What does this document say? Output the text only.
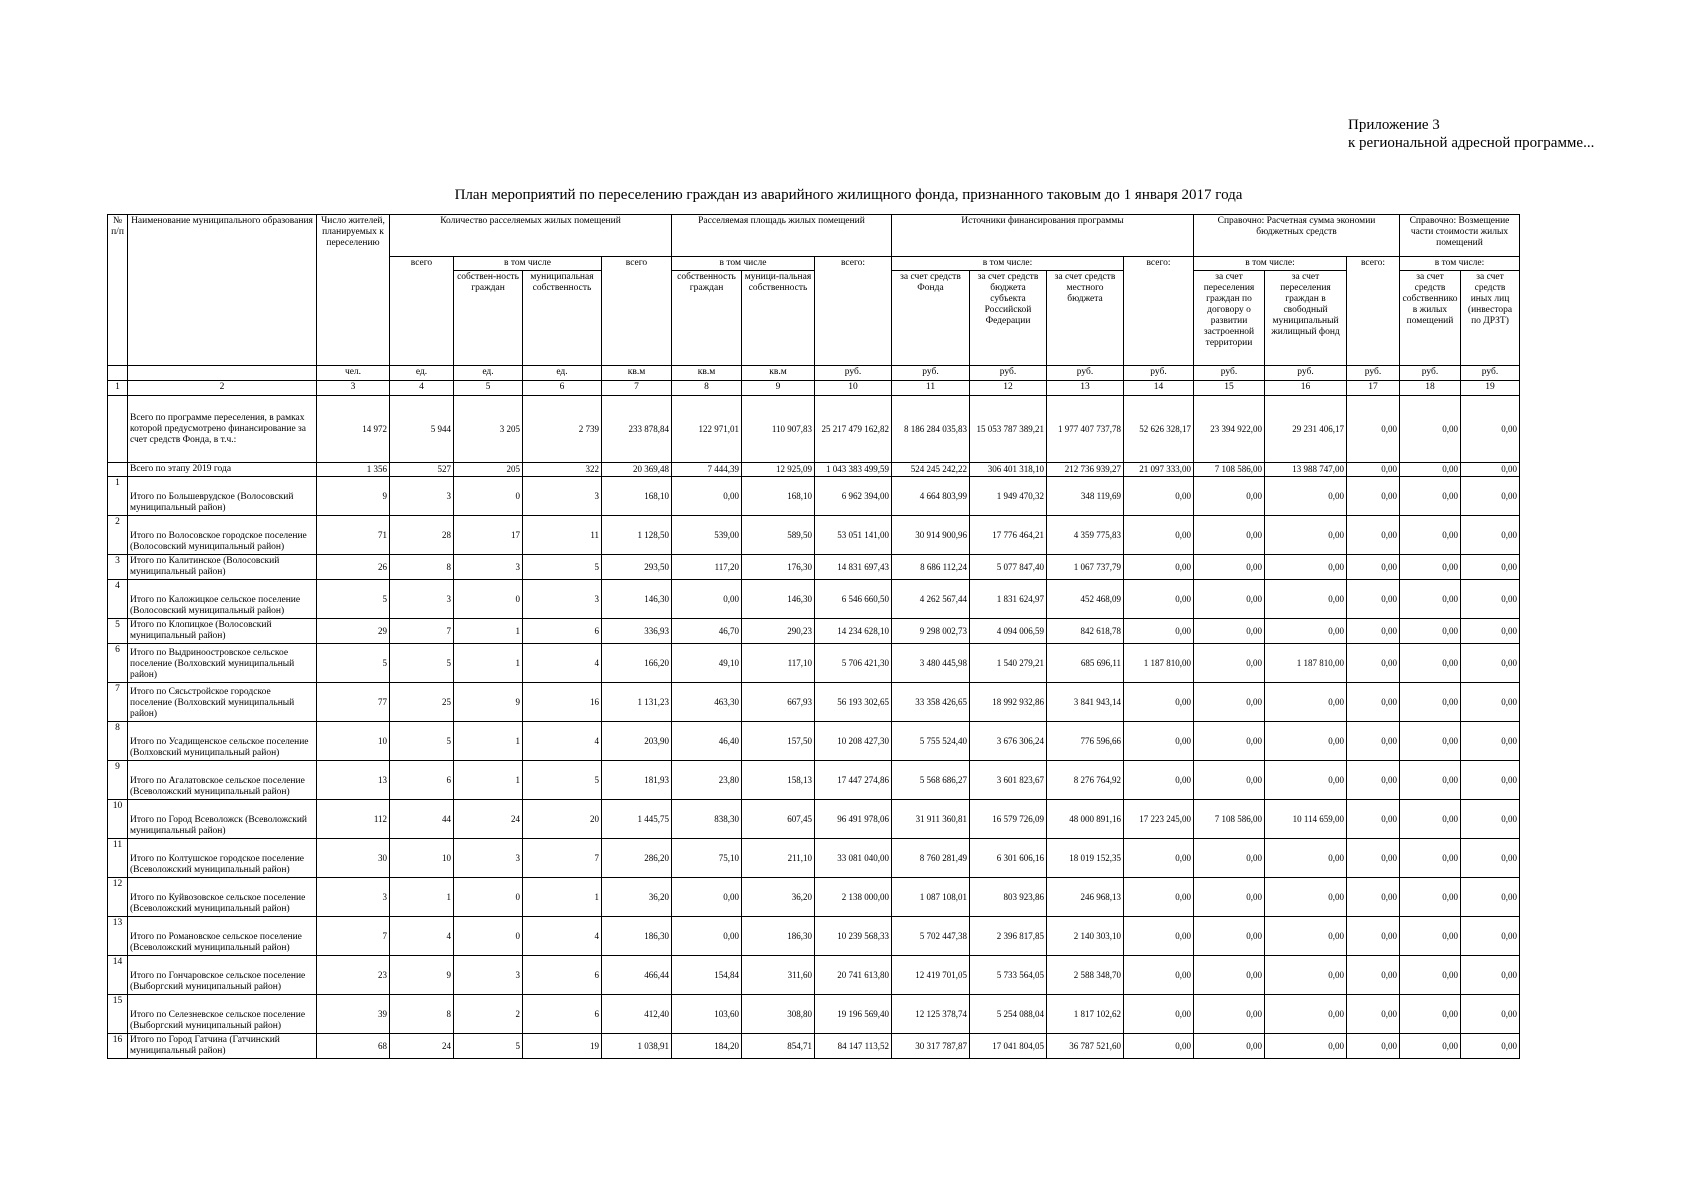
Приложение 3
к региональной адресной программе...
План мероприятий по переселению граждан из аварийного жилищного фонда, признанного таковым до 1 января 2017 года
№ п/п	Наименование муниципального образования	Число жителей, планируемых к переселению	Количество расселяемых жилых помещений				Расселяемая площадь жилых помещений			Источники финансирования программы				Справочно: Расчетная сумма экономии бюджетных средств			Справочно: Возмещение части стоимости жилых помещений	
			всего	в том числе		всего	в том числе		всего:	в том числе:			всего:	в том числе:		всего:	в том числе:	
				собствен-ность граждан	муниципальная собственность		собственность граждан	муници-пальная собственность		за счет средств Фонда	за счет средств бюджета субъекта Российской Федерации	за счет средств местного бюджета		за счет переселения граждан по договору о развитии застроенной территории	за счет переселения граждан в свободный муниципальный жилищный фонд		за счет средств собственнико в жилых помещений	за счет средств иных лиц (инвестора по ДРЗТ)
		чел.	ед.	ед.	ед.	кв.м	кв.м	кв.м	руб.	руб.	руб.	руб.	руб.	руб.	руб.	руб.	руб.	руб.
1	2	3	4	5	6	7	8	9	10	11	12	13	14	15	16	17	18	19
	Всего по программе переселения, в рамках которой предусмотрено финансирование за счет средств Фонда, в т.ч.:	14 972	5 944	3 205	2 739	233 878,84	122 971,01	110 907,83	25 217 479 162,82	8 186 284 035,83	15 053 787 389,21	1 977 407 737,78	52 626 328,17	23 394 922,00	29 231 406,17	0,00	0,00	0,00
	Всего по этапу 2019 года	1 356	527	205	322	20 369,48	7 444,39	12 925,09	1 043 383 499,59	524 245 242,22	306 401 318,10	212 736 939,27	21 097 333,00	7 108 586,00	13 988 747,00	0,00	0,00	0,00
1	Итого по Большеврудское (Волосовский муниципальный район)	9	3	0	3	168,10	0,00	168,10	6 962 394,00	4 664 803,99	1 949 470,32	348 119,69	0,00	0,00	0,00	0,00	0,00	0,00
2	Итого по Волосовское городское поселение (Волосовский муниципальный район)	71	28	17	11	1 128,50	539,00	589,50	53 051 141,00	30 914 900,96	17 776 464,21	4 359 775,83	0,00	0,00	0,00	0,00	0,00	0,00
3	Итого по Калитинское (Волосовский муниципальный район)	26	8	3	5	293,50	117,20	176,30	14 831 697,43	8 686 112,24	5 077 847,40	1 067 737,79	0,00	0,00	0,00	0,00	0,00	0,00
4	Итого по Каложицкое сельское поселение (Волосовский муниципальный район)	5	3	0	3	146,30	0,00	146,30	6 546 660,50	4 262 567,44	1 831 624,97	452 468,09	0,00	0,00	0,00	0,00	0,00	0,00
5	Итого по Клопицкое (Волосовский муниципальный район)	29	7	1	6	336,93	46,70	290,23	14 234 628,10	9 298 002,73	4 094 006,59	842 618,78	0,00	0,00	0,00	0,00	0,00	0,00
6	Итого по Выдринoостровское сельское поселение (Волховский муниципальный район)	5	5	1	4	166,20	49,10	117,10	5 706 421,30	3 480 445,98	1 540 279,21	685 696,11	1 187 810,00	0,00	1 187 810,00	0,00	0,00	0,00
7	Итого по Сясьстройское городское поселение (Волховский муниципальный район)	77	25	9	16	1 131,23	463,30	667,93	56 193 302,65	33 358 426,65	18 992 932,86	3 841 943,14	0,00	0,00	0,00	0,00	0,00	0,00
8	Итого по Усадищенское сельское поселение (Волховский муниципальный район)	10	5	1	4	203,90	46,40	157,50	10 208 427,30	5 755 524,40	3 676 306,24	776 596,66	0,00	0,00	0,00	0,00	0,00	0,00
9	Итого по Агалатовское сельское поселение (Всеволожский муниципальный район)	13	6	1	5	181,93	23,80	158,13	17 447 274,86	5 568 686,27	3 601 823,67	8 276 764,92	0,00	0,00	0,00	0,00	0,00	0,00
10	Итого по Город Всеволожск (Всеволожский муниципальный район)	112	44	24	20	1 445,75	838,30	607,45	96 491 978,06	31 911 360,81	16 579 726,09	48 000 891,16	17 223 245,00	7 108 586,00	10 114 659,00	0,00	0,00	0,00
11	Итого по Колтушское городское поселение (Всеволожский муниципальный район)	30	10	3	7	286,20	75,10	211,10	33 081 040,00	8 760 281,49	6 301 606,16	18 019 152,35	0,00	0,00	0,00	0,00	0,00	0,00
12	Итого по Куйвозовское сельское поселение (Всеволожский муниципальный район)	3	1	0	1	36,20	0,00	36,20	2 138 000,00	1 087 108,01	803 923,86	246 968,13	0,00	0,00	0,00	0,00	0,00	0,00
13	Итого по Романовское сельское поселение (Всеволожский муниципальный район)	7	4	0	4	186,30	0,00	186,30	10 239 568,33	5 702 447,38	2 396 817,85	2 140 303,10	0,00	0,00	0,00	0,00	0,00	0,00
14	Итого по Гончаровское сельское поселение (Выборгский муниципальный район)	23	9	3	6	466,44	154,84	311,60	20 741 613,80	12 419 701,05	5 733 564,05	2 588 348,70	0,00	0,00	0,00	0,00	0,00	0,00
15	Итого по Селезневское сельское поселение (Выборгский муниципальный район)	39	8	2	6	412,40	103,60	308,80	19 196 569,40	12 125 378,74	5 254 088,04	1 817 102,62	0,00	0,00	0,00	0,00	0,00	0,00
16	Итого по Город Гатчина (Гатчинский муниципальный район)	68	24	5	19	1 038,91	184,20	854,71	84 147 113,52	30 317 787,87	17 041 804,05	36 787 521,60	0,00	0,00	0,00	0,00	0,00	0,00
